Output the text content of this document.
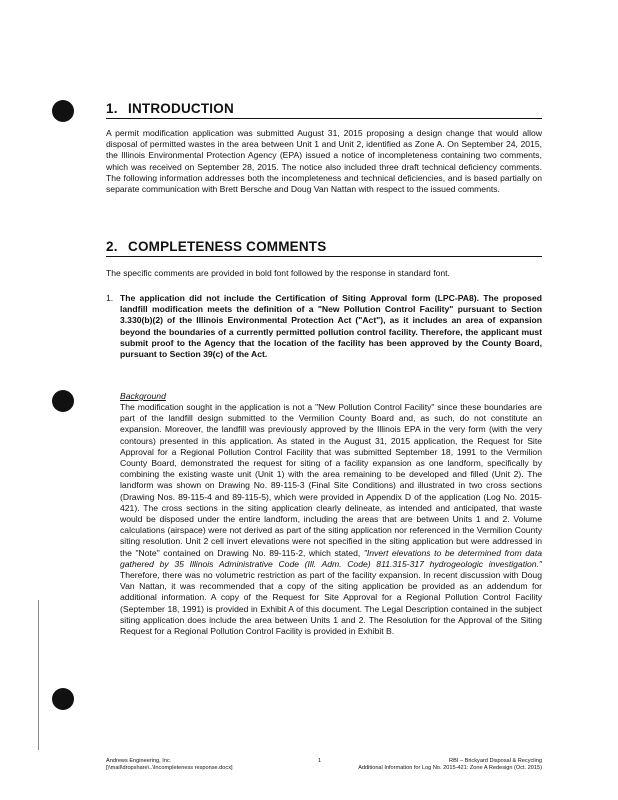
1. INTRODUCTION

A permit modification application was submitted August 31, 2015 proposing a design change that would allow disposal of permitted wastes in the area between Unit 1 and Unit 2, identified as Zone A. On September 24, 2015, the Illinois Environmental Protection Agency (EPA) issued a notice of incompleteness containing two comments, which was received on September 28, 2015. The notice also included three draft technical deficiency comments. The following information addresses both the incompleteness and technical deficiencies, and is based partially on separate communication with Brett Bersche and Doug Van Nattan with respect to the issued comments.

2. COMPLETENESS COMMENTS

The specific comments are provided in bold font followed by the response in standard font.

1. The application did not include the Certification of Siting Approval form (LPC-PA8). The proposed landfill modification meets the definition of a "New Pollution Control Facility" pursuant to Section 3.330(b)(2) of the Illinois Environmental Protection Act ("Act"), as it includes an area of expansion beyond the boundaries of a currently permitted pollution control facility. Therefore, the applicant must submit proof to the Agency that the location of the facility has been approved by the County Board, pursuant to Section 39(c) of the Act.

Background

The modification sought in the application is not a "New Pollution Control Facility" since these boundaries are part of the landfill design submitted to the Vermilion County Board and, as such, do not constitute an expansion. Moreover, the landfill was previously approved by the Illinois EPA in the very form (with the very contours) presented in this application. As stated in the August 31, 2015 application, the Request for Site Approval for a Regional Pollution Control Facility that was submitted September 18, 1991 to the Vermilion County Board, demonstrated the request for siting of a facility expansion as one landform, specifically by combining the existing waste unit (Unit 1) with the area remaining to be developed and filled (Unit 2). The landform was shown on Drawing No. 89-115-3 (Final Site Conditions) and illustrated in two cross sections (Drawing Nos. 89-115-4 and 89-115-5), which were provided in Appendix D of the application (Log No. 2015-421). The cross sections in the siting application clearly delineate, as intended and anticipated, that waste would be disposed under the entire landform, including the areas that are between Units 1 and 2. Volume calculations (airspace) were not derived as part of the siting application nor referenced in the Vermilion County siting resolution. Unit 2 cell invert elevations were not specified in the siting application but were addressed in the "Note" contained on Drawing No. 89-115-2, which stated, "Invert elevations to be determined from data gathered by 35 Illinois Administrative Code (Ill. Adm. Code) 811.315-317 hydrogeologic investigation." Therefore, there was no volumetric restriction as part of the facility expansion. In recent discussion with Doug Van Nattan, it was recommended that a copy of the siting application be provided as an addendum for additional information. A copy of the Request for Site Approval for a Regional Pollution Control Facility (September 18, 1991) is provided in Exhibit A of this document. The Legal Description contained in the subject siting application does include the area between Units 1 and 2. The Resolution for the Approval of the Siting Request for a Regional Pollution Control Facility is provided in Exhibit B.

Andrews Engineering, Inc.
[\\mail\dropshare\..\Incompleteness response.docx]
1	RBI – Brickyard Disposal & Recycling
Additional Information for Log No. 2015-421: Zone A Redesign (Oct. 2015)
